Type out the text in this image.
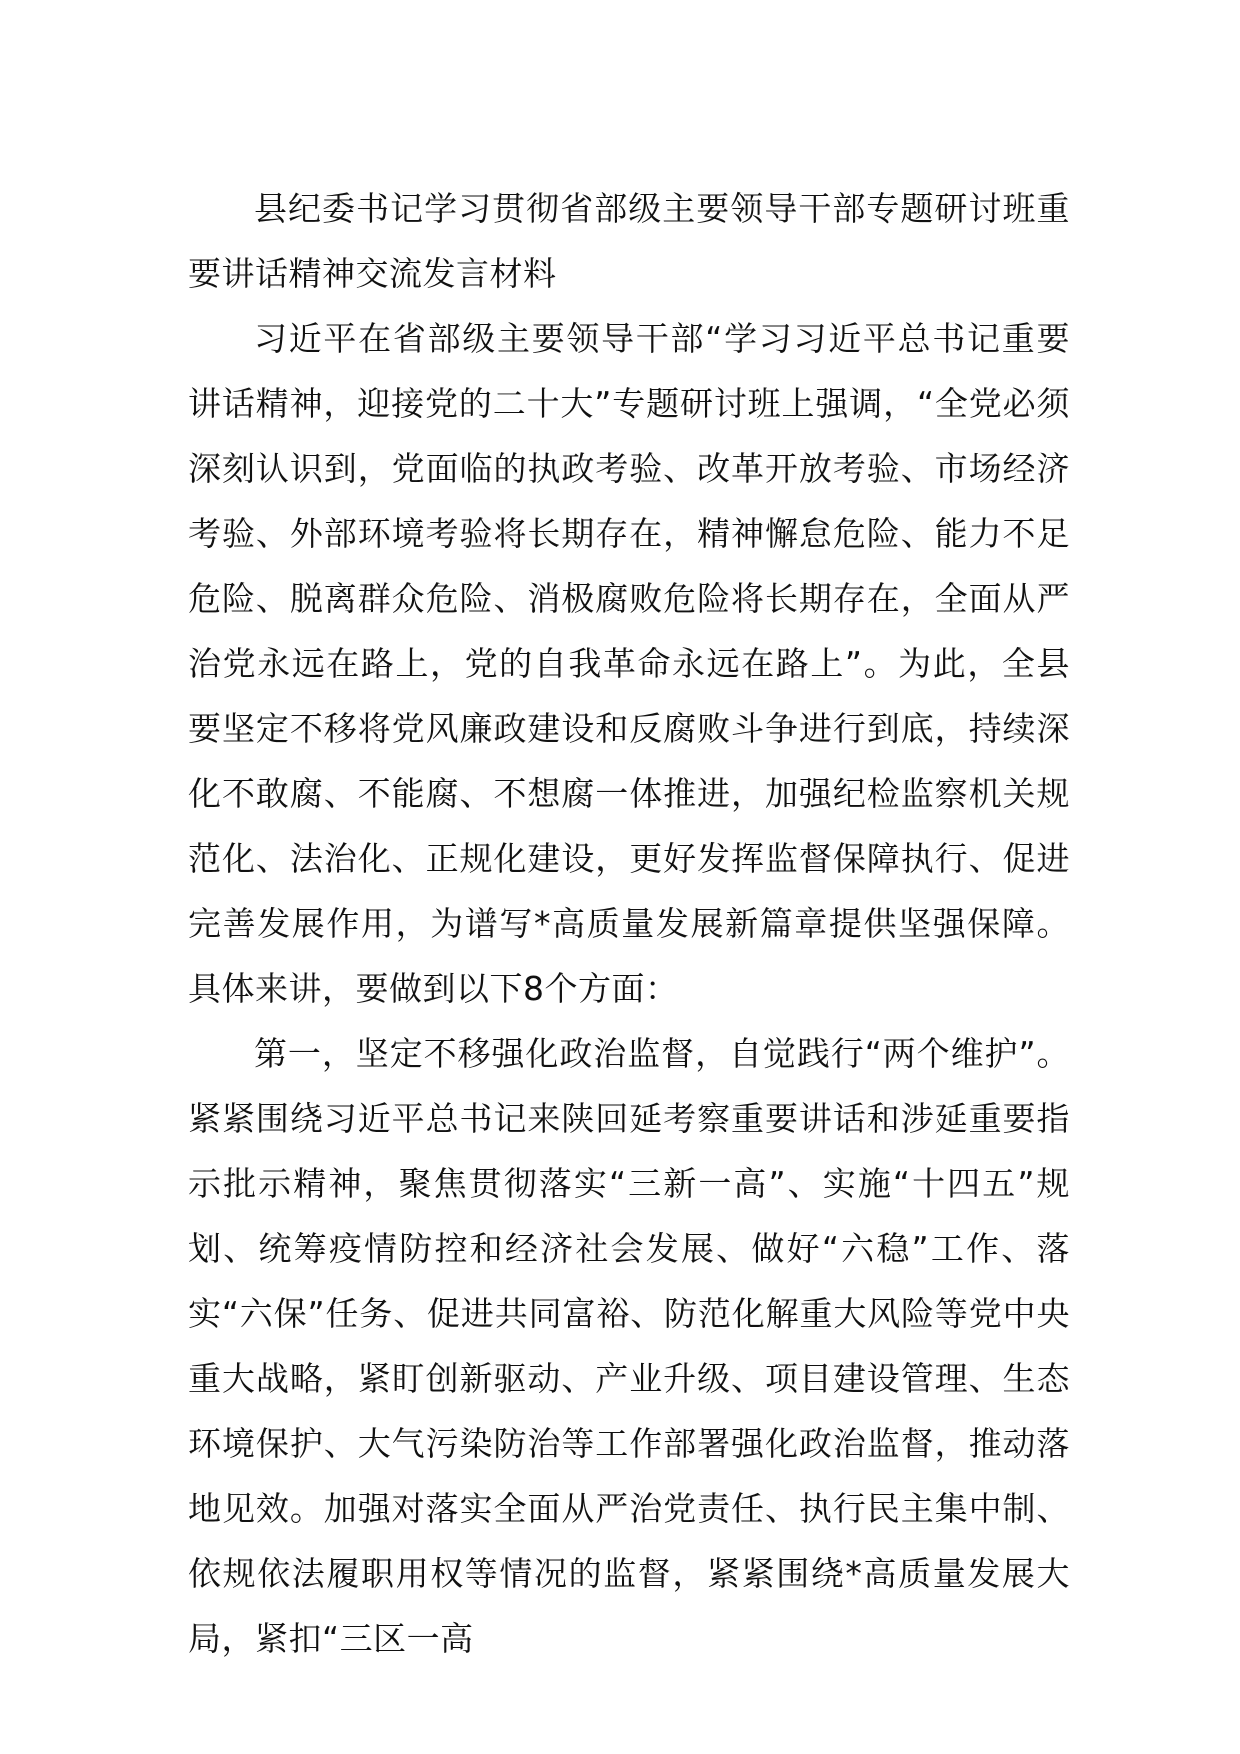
县纪委书记学习贯彻省部级主要领导干部专题研讨班重要讲话精神交流发言材料

习近平在省部级主要领导干部“学习习近平总书记重要讲话精神，迎接党的二十大”专题研讨班上强调，“全党必须深刻认识到，党面临的执政考验、改革开放考验、市场经济考验、外部环境考验将长期存在，精神懈怠危险、能力不足危险、脱离群众危险、消极腐败危险将长期存在，全面从严治党永远在路上，党的自我革命永远在路上”。为此，全县要坚定不移将党风廉政建设和反腐败斗争进行到底，持续深化不敢腐、不能腐、不想腐一体推进，加强纪检监察机关规范化、法治化、正规化建设，更好发挥监督保障执行、促进完善发展作用，为谱写*高质量发展新篇章提供坚强保障。具体来讲，要做到以下8个方面：

第一，坚定不移强化政治监督，自觉践行“两个维护”。紧紧围绕习近平总书记来陕回延考察重要讲话和涉延重要指示批示精神，聚焦贯彻落实“三新一高”、实施“十四五”规划、统筹疫情防控和经济社会发展、做好“六稳”工作、落实“六保”任务、促进共同富裕、防范化解重大风险等党中央重大战略，紧盯创新驱动、产业升级、项目建设管理、生态环境保护、大气污染防治等工作部署强化政治监督，推动落地见效。加强对落实全面从严治党责任、执行民主集中制、依规依法履职用权等情况的监督，紧紧围绕*高质量发展大局，紧扣“三区一高
